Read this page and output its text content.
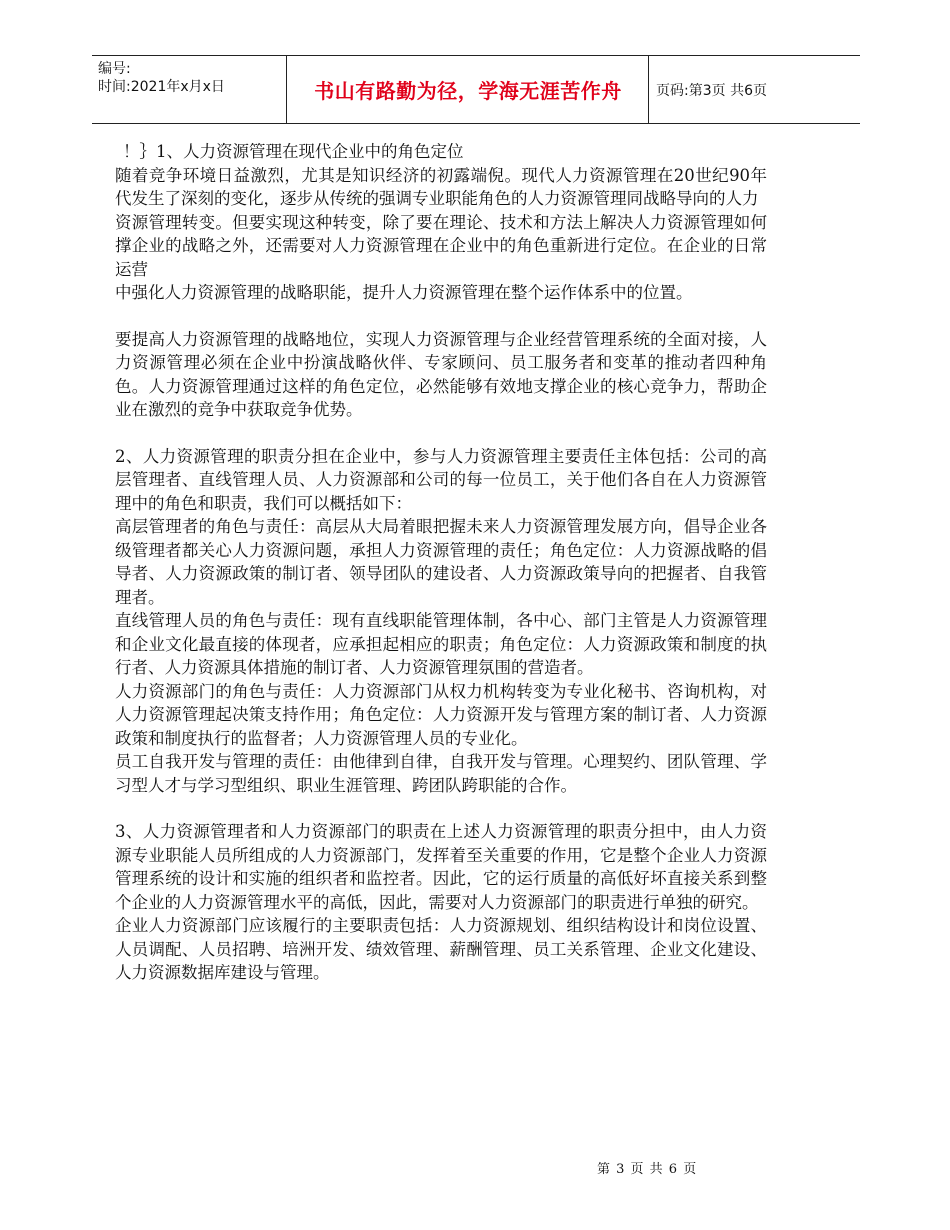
编号:
时间:2021年x月x日	书山有路勤为径，学海无涯苦作舟	页码:第3页 共6页

！｝1、人力资源管理在现代企业中的角色定位

随着竞争环境日益激烈，尤其是知识经济的初露端倪。现代人力资源管理在20世纪90年代发生了深刻的变化，逐步从传统的强调专业职能角色的人力资源管理同战略导向的人力

资源管理转变。但要实现这种转变，除了要在理论、技术和方法上解决人力资源管理如何撑企业的战略之外，还需要对人力资源管理在企业中的角色重新进行定位。在企业的日常运营

中强化人力资源管理的战略职能，提升人力资源管理在整个运作体系中的位置。

要提高人力资源管理的战略地位，实现人力资源管理与企业经营管理系统的全面对接，人力资源管理必须在企业中扮演战略伙伴、专家顾问、员工服务者和变革的推动者四种角色。人力资源管理通过这样的角色定位，必然能够有效地支撑企业的核心竞争力，帮助企业在激烈的竞争中获取竞争优势。

2、人力资源管理的职责分担在企业中，参与人力资源管理主要责任主体包括：公司的高层管理者、直线管理人员、人力资源部和公司的每一位员工，关于他们各自在人力资源管理中的角色和职责，我们可以概括如下：

高层管理者的角色与责任：高层从大局着眼把握未来人力资源管理发展方向，倡导企业各级管理者都关心人力资源问题，承担人力资源管理的责任；角色定位：人力资源战略的倡导者、人力资源政策的制订者、领导团队的建设者、人力资源政策导向的把握者、自我管理者。

直线管理人员的角色与责任：现有直线职能管理体制，各中心、部门主管是人力资源管理和企业文化最直接的体现者，应承担起相应的职责；角色定位：人力资源政策和制度的执行者、人力资源具体措施的制订者、人力资源管理氛围的营造者。

人力资源部门的角色与责任：人力资源部门从权力机构转变为专业化秘书、咨询机构，对人力资源管理起决策支持作用；角色定位：人力资源开发与管理方案的制订者、人力资源政策和制度执行的监督者；人力资源管理人员的专业化。

员工自我开发与管理的责任：由他律到自律，自我开发与管理。心理契约、团队管理、学习型人才与学习型组织、职业生涯管理、跨团队跨职能的合作。

3、人力资源管理者和人力资源部门的职责在上述人力资源管理的职责分担中，由人力资源专业职能人员所组成的人力资源部门，发挥着至关重要的作用，它是整个企业人力资源管理系统的设计和实施的组织者和监控者。因此，它的运行质量的高低好坏直接关系到整个企业的人力资源管理水平的高低，因此，需要对人力资源部门的职责进行单独的研究。

企业人力资源部门应该履行的主要职责包括：人力资源规划、组织结构设计和岗位设置、人员调配、人员招聘、培洲开发、绩效管理、薪酬管理、员工关系管理、企业文化建设、人力资源数据库建设与管理。

第 3 页 共 6 页
